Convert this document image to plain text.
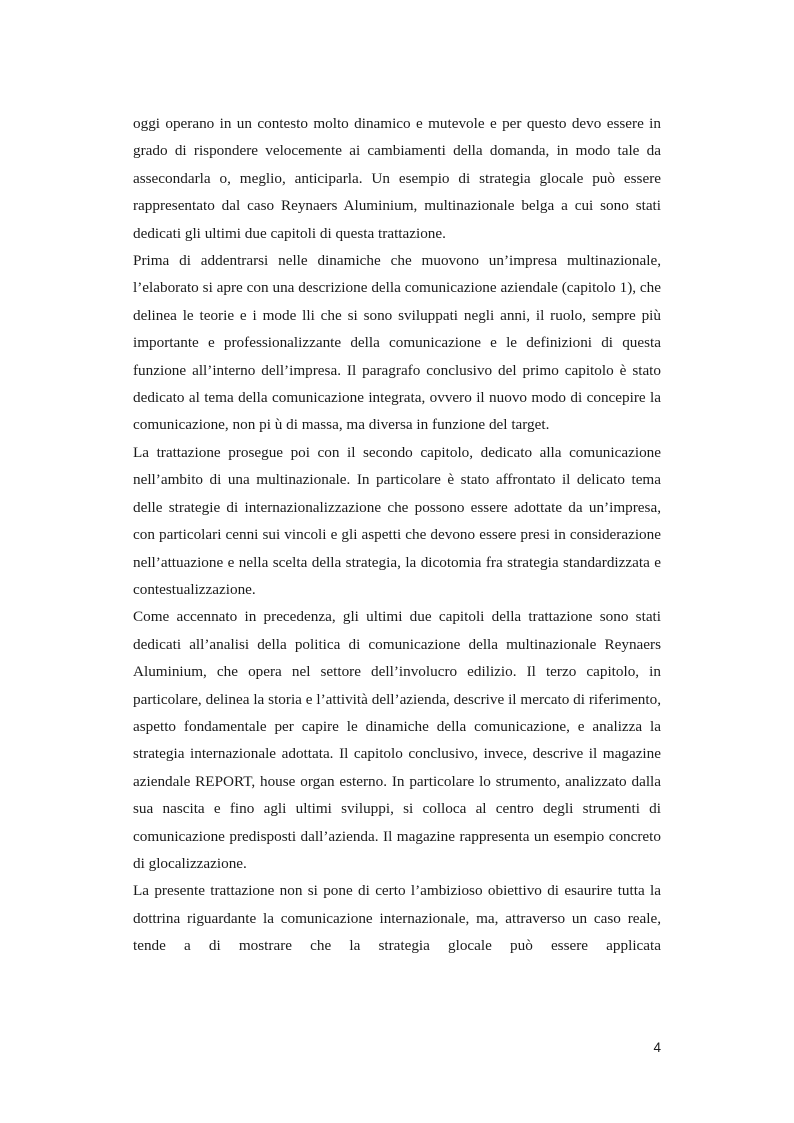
oggi operano in un contesto molto dinamico e mutevole e per questo devo essere in grado di rispondere velocemente ai cambiamenti della domanda, in modo tale da assecondarla o, meglio, anticiparla. Un esempio di strategia glocale può essere rappresentato dal caso Reynaers Aluminium, multinazionale belga a cui sono stati dedicati gli ultimi due capitoli di questa trattazione.

Prima di addentrarsi nelle dinamiche che muovono un’impresa multinazionale, l’elaborato si apre con una descrizione della comunicazione aziendale (capitolo 1), che delinea le teorie e i mode lli che si sono sviluppati negli anni, il ruolo, sempre più importante e professionalizzante della comunicazione e le definizioni di questa funzione all’interno dell’impresa. Il paragrafo conclusivo del primo capitolo è stato dedicato al tema della comunicazione integrata, ovvero il nuovo modo di concepire la comunicazione, non pi ù di massa, ma diversa in funzione del target.

La trattazione prosegue poi con il secondo capitolo, dedicato alla comunicazione nell’ambito di una multinazionale. In particolare è stato affrontato il delicato tema delle strategie di internazionalizzazione che possono essere adottate da un’impresa, con particolari cenni sui vincoli e gli aspetti che devono essere presi in considerazione nell’attuazione e nella scelta della strategia, la dicotomia fra strategia standardizzata e contestualizzazione.

Come accennato in precedenza, gli ultimi due capitoli della trattazione sono stati dedicati all’analisi della politica di comunicazione della multinazionale Reynaers Aluminium, che opera nel settore dell’involucro edilizio. Il terzo capitolo, in particolare, delinea la storia e l’attività dell’azienda, descrive il mercato di riferimento, aspetto fondamentale per capire le dinamiche della comunicazione, e analizza la strategia internazionale adottata. Il capitolo conclusivo, invece, descrive il magazine aziendale REPORT, house organ esterno. In particolare lo strumento, analizzato dalla sua nascita e fino agli ultimi sviluppi, si colloca al centro degli strumenti di comunicazione predisposti dall’azienda. Il magazine rappresenta un esempio concreto di glocalizzazione.

La presente trattazione non si pone di certo l’ambizioso obiettivo di esaurire tutta la dottrina riguardante la comunicazione internazionale, ma, attraverso un caso reale, tende a di mostrare che la strategia glocale può essere applicata

4
